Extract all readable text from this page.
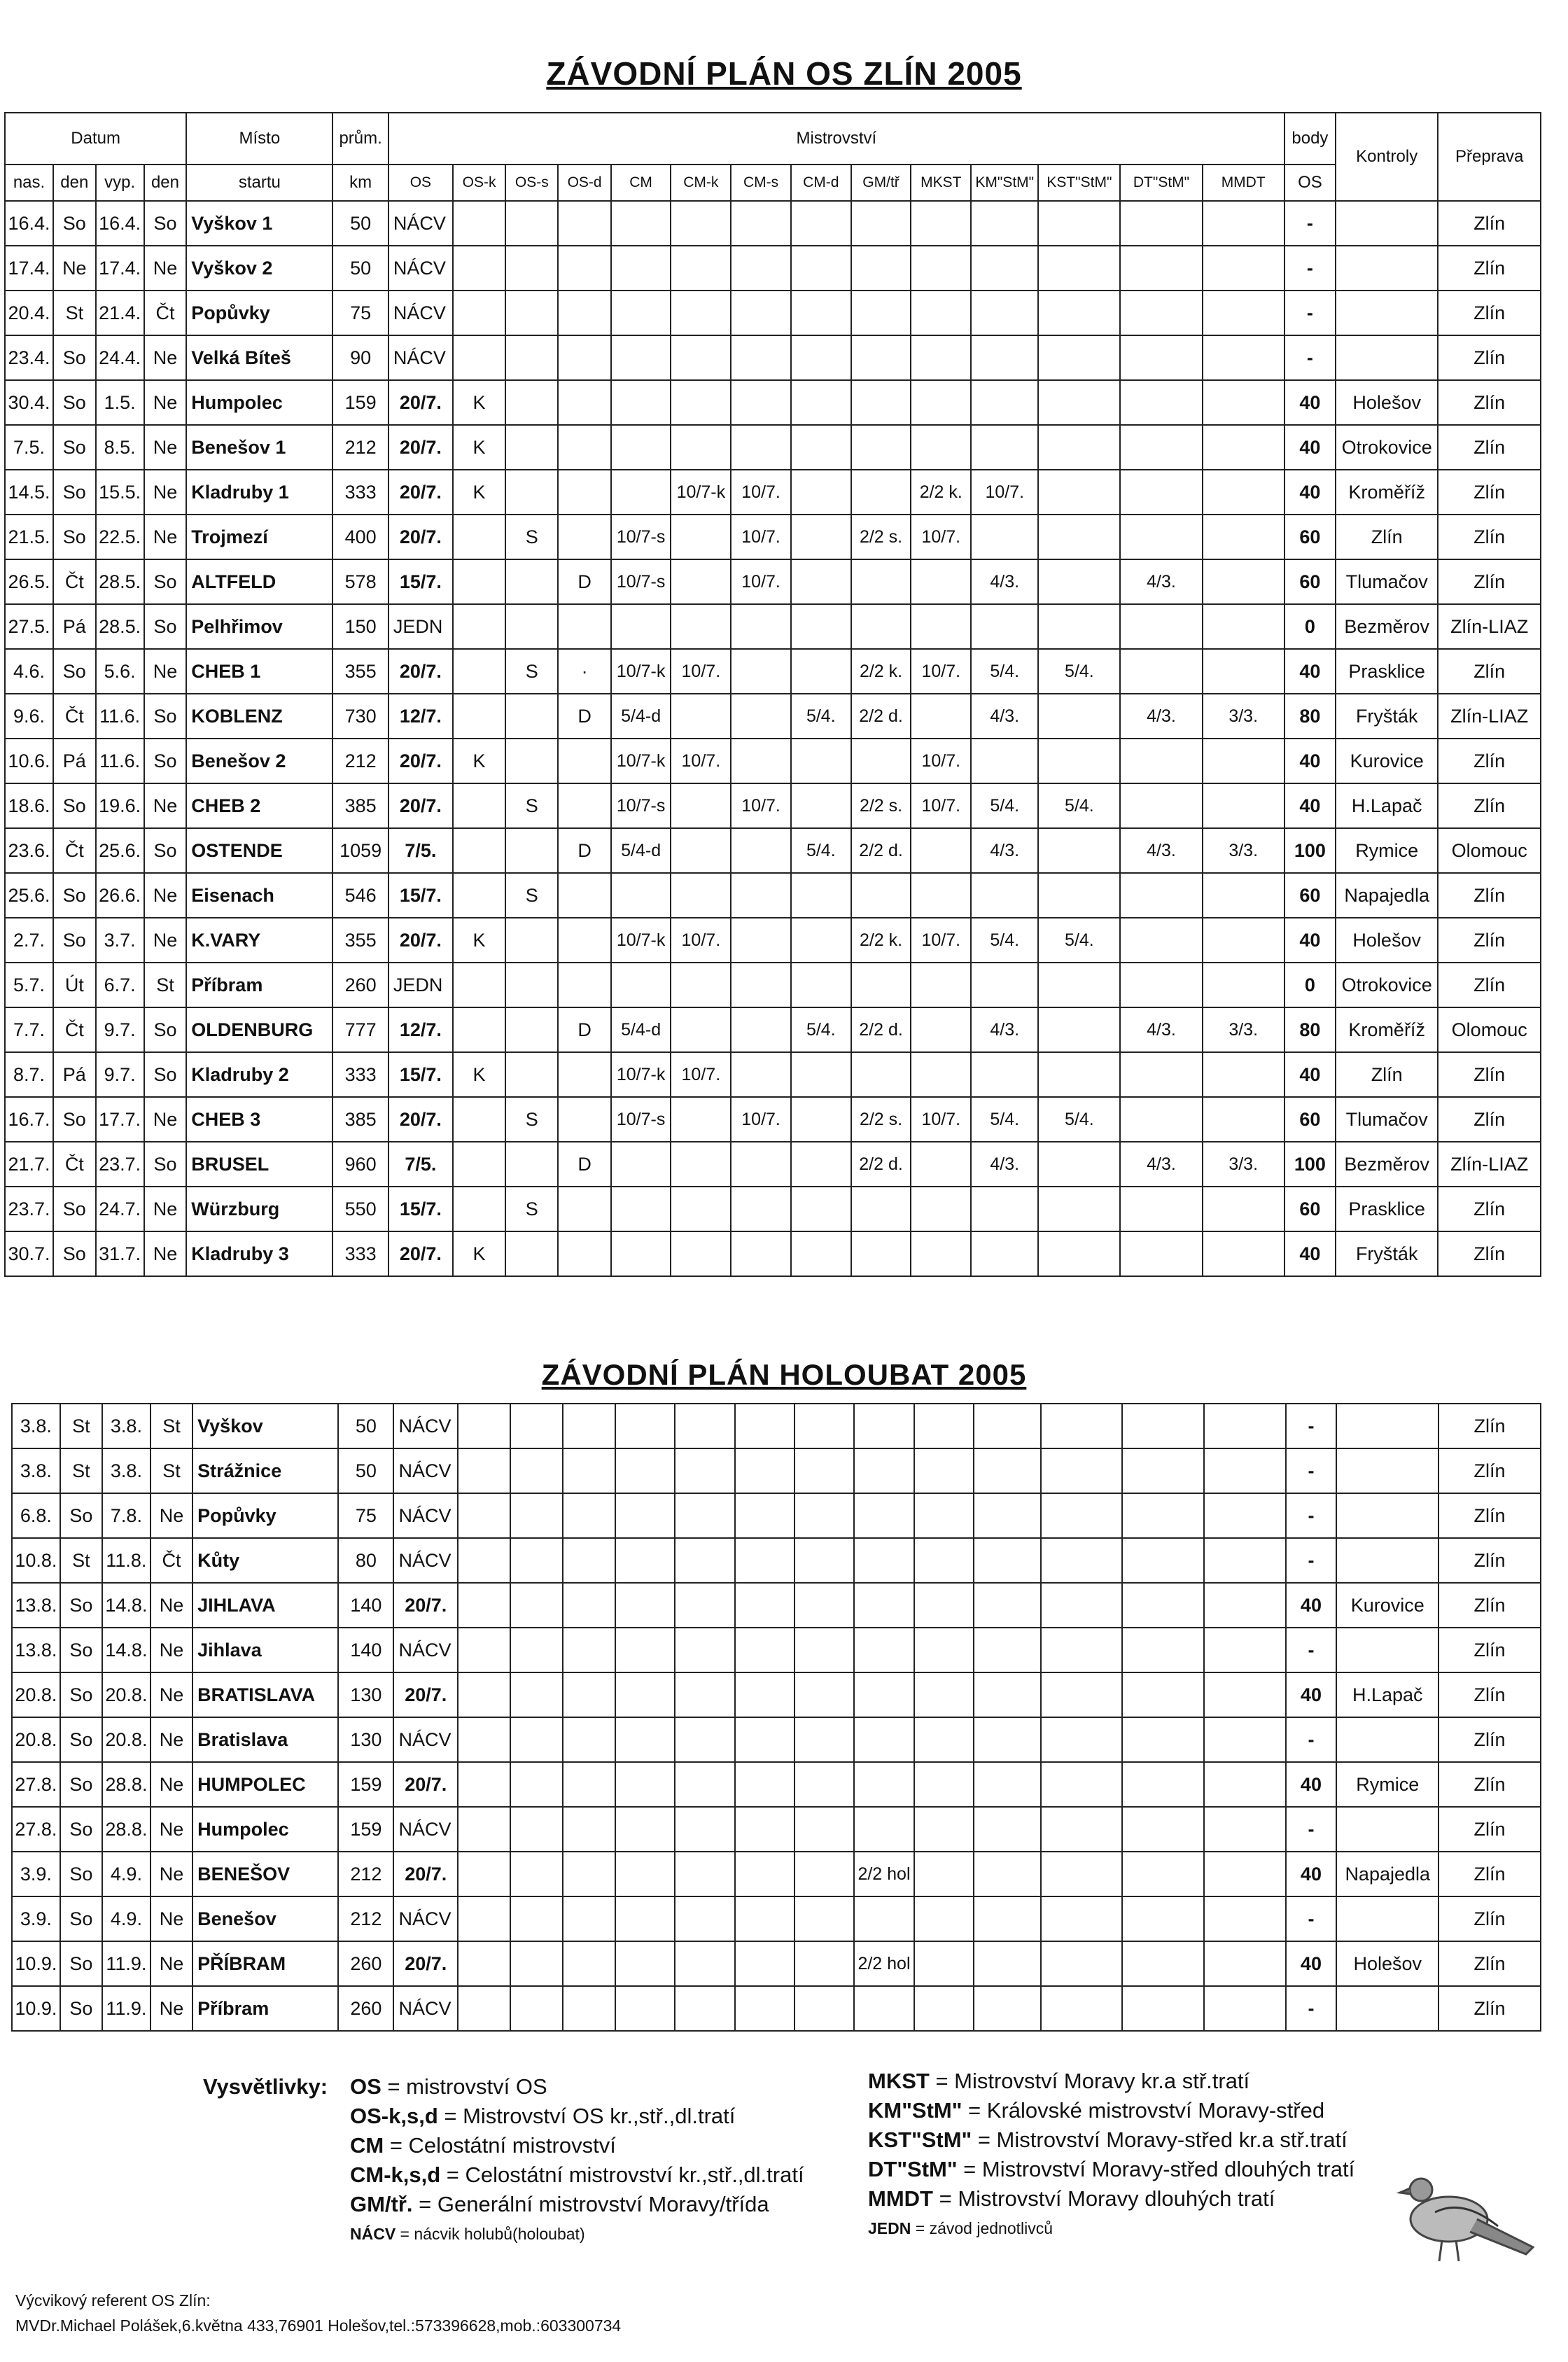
ZÁVODNÍ PLÁN OS ZLÍN 2005
Datum				Místo	prům.	Mistrovství														body	Kontroly	Přeprava
nas.	den	vyp.	den	startu	km	OS	OS-k	OS-s	OS-d	CM	CM-k	CM-s	CM-d	GM/tř	MKST	KM"StM"	KST"StM"	DT"StM"	MMDT	OS		
16.4.	So	16.4.	So	Vyškov 1	50	NÁCV														-		Zlín
17.4.	Ne	17.4.	Ne	Vyškov 2	50	NÁCV														-		Zlín
20.4.	St	21.4.	Čt	Popůvky	75	NÁCV														-		Zlín
23.4.	So	24.4.	Ne	Velká Bíteš	90	NÁCV														-		Zlín
30.4.	So	1.5.	Ne	Humpolec	159	20/7.	K													40	Holešov	Zlín
7.5.	So	8.5.	Ne	Benešov 1	212	20/7.	K													40	Otrokovice	Zlín
14.5.	So	15.5.	Ne	Kladruby 1	333	20/7.	K				10/7-k	10/7.			2/2 k.	10/7.				40	Kroměříž	Zlín
21.5.	So	22.5.	Ne	Trojmezí	400	20/7.		S		10/7-s		10/7.		2/2 s.	10/7.					60	Zlín	Zlín
26.5.	Čt	28.5.	So	ALTFELD	578	15/7.			D	10/7-s		10/7.				4/3.		4/3.		60	Tlumačov	Zlín
27.5.	Pá	28.5.	So	Pelhřimov	150	JEDN														0	Bezměrov	Zlín-LIAZ
4.6.	So	5.6.	Ne	CHEB 1	355	20/7.		S	·	10/7-k	10/7.			2/2 k.	10/7.	5/4.	5/4.			40	Prasklice	Zlín
9.6.	Čt	11.6.	So	KOBLENZ	730	12/7.			D	5/4-d			5/4.	2/2 d.		4/3.		4/3.	3/3.	80	Fryšták	Zlín-LIAZ
10.6.	Pá	11.6.	So	Benešov 2	212	20/7.	K			10/7-k	10/7.				10/7.					40	Kurovice	Zlín
18.6.	So	19.6.	Ne	CHEB 2	385	20/7.		S		10/7-s		10/7.		2/2 s.	10/7.	5/4.	5/4.			40	H.Lapač	Zlín
23.6.	Čt	25.6.	So	OSTENDE	1059	7/5.			D	5/4-d			5/4.	2/2 d.		4/3.		4/3.	3/3.	100	Rymice	Olomouc
25.6.	So	26.6.	Ne	Eisenach	546	15/7.		S												60	Napajedla	Zlín
2.7.	So	3.7.	Ne	K.VARY	355	20/7.	K			10/7-k	10/7.			2/2 k.	10/7.	5/4.	5/4.			40	Holešov	Zlín
5.7.	Út	6.7.	St	Příbram	260	JEDN														0	Otrokovice	Zlín
7.7.	Čt	9.7.	So	OLDENBURG	777	12/7.			D	5/4-d			5/4.	2/2 d.		4/3.		4/3.	3/3.	80	Kroměříž	Olomouc
8.7.	Pá	9.7.	So	Kladruby 2	333	15/7.	K			10/7-k	10/7.									40	Zlín	Zlín
16.7.	So	17.7.	Ne	CHEB 3	385	20/7.		S		10/7-s		10/7.		2/2 s.	10/7.	5/4.	5/4.			60	Tlumačov	Zlín
21.7.	Čt	23.7.	So	BRUSEL	960	7/5.			D					2/2 d.		4/3.		4/3.	3/3.	100	Bezměrov	Zlín-LIAZ
23.7.	So	24.7.	Ne	Würzburg	550	15/7.		S												60	Prasklice	Zlín
30.7.	So	31.7.	Ne	Kladruby 3	333	20/7.	K													40	Fryšták	Zlín
ZÁVODNÍ PLÁN HOLOUBAT 2005
3.8.	St	3.8.	St	Vyškov	50	NÁCV														-		Zlín
3.8.	St	3.8.	St	Strážnice	50	NÁCV														-		Zlín
6.8.	So	7.8.	Ne	Popůvky	75	NÁCV														-		Zlín
10.8.	St	11.8.	Čt	Kůty	80	NÁCV														-		Zlín
13.8.	So	14.8.	Ne	JIHLAVA	140	20/7.														40	Kurovice	Zlín
13.8.	So	14.8.	Ne	Jihlava	140	NÁCV														-		Zlín
20.8.	So	20.8.	Ne	BRATISLAVA	130	20/7.														40	H.Lapač	Zlín
20.8.	So	20.8.	Ne	Bratislava	130	NÁCV														-		Zlín
27.8.	So	28.8.	Ne	HUMPOLEC	159	20/7.														40	Rymice	Zlín
27.8.	So	28.8.	Ne	Humpolec	159	NÁCV														-		Zlín
3.9.	So	4.9.	Ne	BENEŠOV	212	20/7.								2/2 hol						40	Napajedla	Zlín
3.9.	So	4.9.	Ne	Benešov	212	NÁCV														-		Zlín
10.9.	So	11.9.	Ne	PŘÍBRAM	260	20/7.								2/2 hol						40	Holešov	Zlín
10.9.	So	11.9.	Ne	Příbram	260	NÁCV														-		Zlín
Vysvětlivky: OS = mistrovství OS
OS-k,s,d = Mistrovství OS kr.,stř.,dl.tratí
CM = Celostátní mistrovství
CM-k,s,d = Celostátní mistrovství kr.,stř.,dl.tratí
GM/tř. = Generální mistrovství Moravy/třída
NÁCV = nácvik holubů(holoubat)
MKST = Mistrovství Moravy kr.a stř.tratí
KM"StM" = Královské mistrovství Moravy-střed
KST"StM" = Mistrovství Moravy-střed kr.a stř.tratí
DT"StM" = Mistrovství Moravy-střed dlouhých tratí
MMDT = Mistrovství Moravy dlouhých tratí
JEDN = závod jednotlivců
Výcvikový referent OS Zlín:
MVDr.Michael Polášek,6.května 433,76901 Holešov,tel.:573396628,mob.:603300734
